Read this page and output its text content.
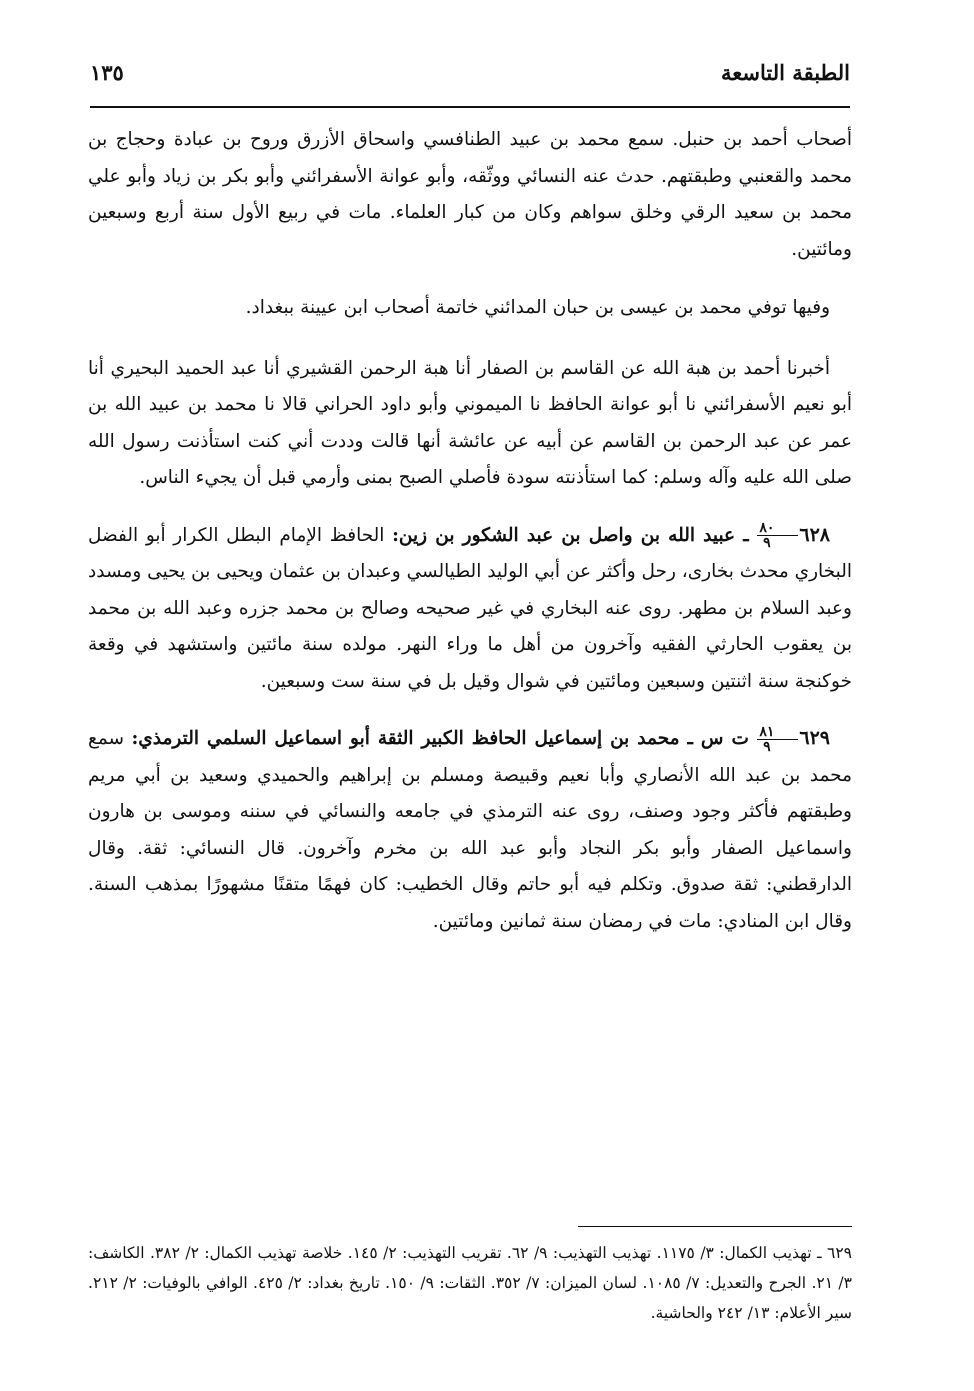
الطبقة التاسعة
١٣٥

أصحاب أحمد بن حنبل. سمع محمد بن عبيد الطنافسي واسحاق الأزرق وروح بن عبادة وحجاج بن محمد والقعنبي وطبقتهم. حدث عنه النسائي ووثّقه، وأبو عوانة الأسفرائني وأبو بكر بن زياد وأبو علي محمد بن سعيد الرقي وخلق سواهم وكان من كبار العلماء. مات في ربيع الأول سنة أربع وسبعين ومائتين.

وفيها توفي محمد بن عيسى بن حبان المدائني خاتمة أصحاب ابن عيينة ببغداد.

أخبرنا أحمد بن هبة الله عن القاسم بن الصفار أنا هبة الرحمن القشيري أنا عبد الحميد البحيري أنا أبو نعيم الأسفرائني نا أبو عوانة الحافظ نا الميموني وأبو داود الحراني قالا نا محمد بن عبيد الله بن عمر عن عبد الرحمن بن القاسم عن أبيه عن عائشة أنها قالت وددت أني كنت استأذنت رسول الله صلى الله عليه وآله وسلم: كما استأذنته سودة فأصلي الصبح بمنى وأرمي قبل أن يجيء الناس.

٦٢٨
$\frac{٨٠}{٩}$
ـ عبيد الله بن واصل بن عبد الشكور بن زين: الحافظ الإمام البطل الكرار أبو الفضل البخاري محدث بخارى، رحل وأكثر عن أبي الوليد الطيالسي وعبدان بن عثمان ويحيى بن يحيى ومسدد وعبد السلام بن مطهر. روى عنه البخاري في غير صحيحه وصالح بن محمد جزره وعبد الله بن محمد بن يعقوب الحارثي الفقيه وآخرون من أهل ما وراء النهر. مولده سنة مائتين واستشهد في وقعة خوكنجة سنة اثنتين وسبعين ومائتين في شوال وقيل بل في سنة ست وسبعين.

٦٢٩
$\frac{٨١}{٩}$
ت س ـ محمد بن إسماعيل الحافظ الكبير الثقة أبو اسماعيل السلمي الترمذي: سمع محمد بن عبد الله الأنصاري وأبا نعيم وقبيصة ومسلم بن إبراهيم والحميدي وسعيد بن أبي مريم وطبقتهم فأكثر وجود وصنف، روى عنه الترمذي في جامعه والنسائي في سننه وموسى بن هارون واسماعيل الصفار وأبو بكر النجاد وأبو عبد الله بن مخرم وآخرون. قال النسائي: ثقة. وقال الدارقطني: ثقة صدوق. وتكلم فيه أبو حاتم وقال الخطيب: كان فهمًا متقنًا مشهورًا بمذهب السنة. وقال ابن المنادي: مات في رمضان سنة ثمانين ومائتين.

٦٢٩ ـ تهذيب الكمال: ٣/ ١١٧٥. تهذيب التهذيب: ٩/ ٦٢. تقريب التهذيب: ٢/ ١٤٥. خلاصة تهذيب الكمال: ٢/ ٣٨٢. الكاشف: ٣/ ٢١. الجرح والتعديل: ٧/ ١٠٨٥. لسان الميزان: ٧/ ٣٥٢. الثقات: ٩/ ١٥٠. تاريخ بغداد: ٢/ ٤٢٥. الوافي بالوفيات: ٢/ ٢١٢. سير الأعلام: ١٣/ ٢٤٢ والحاشية.
